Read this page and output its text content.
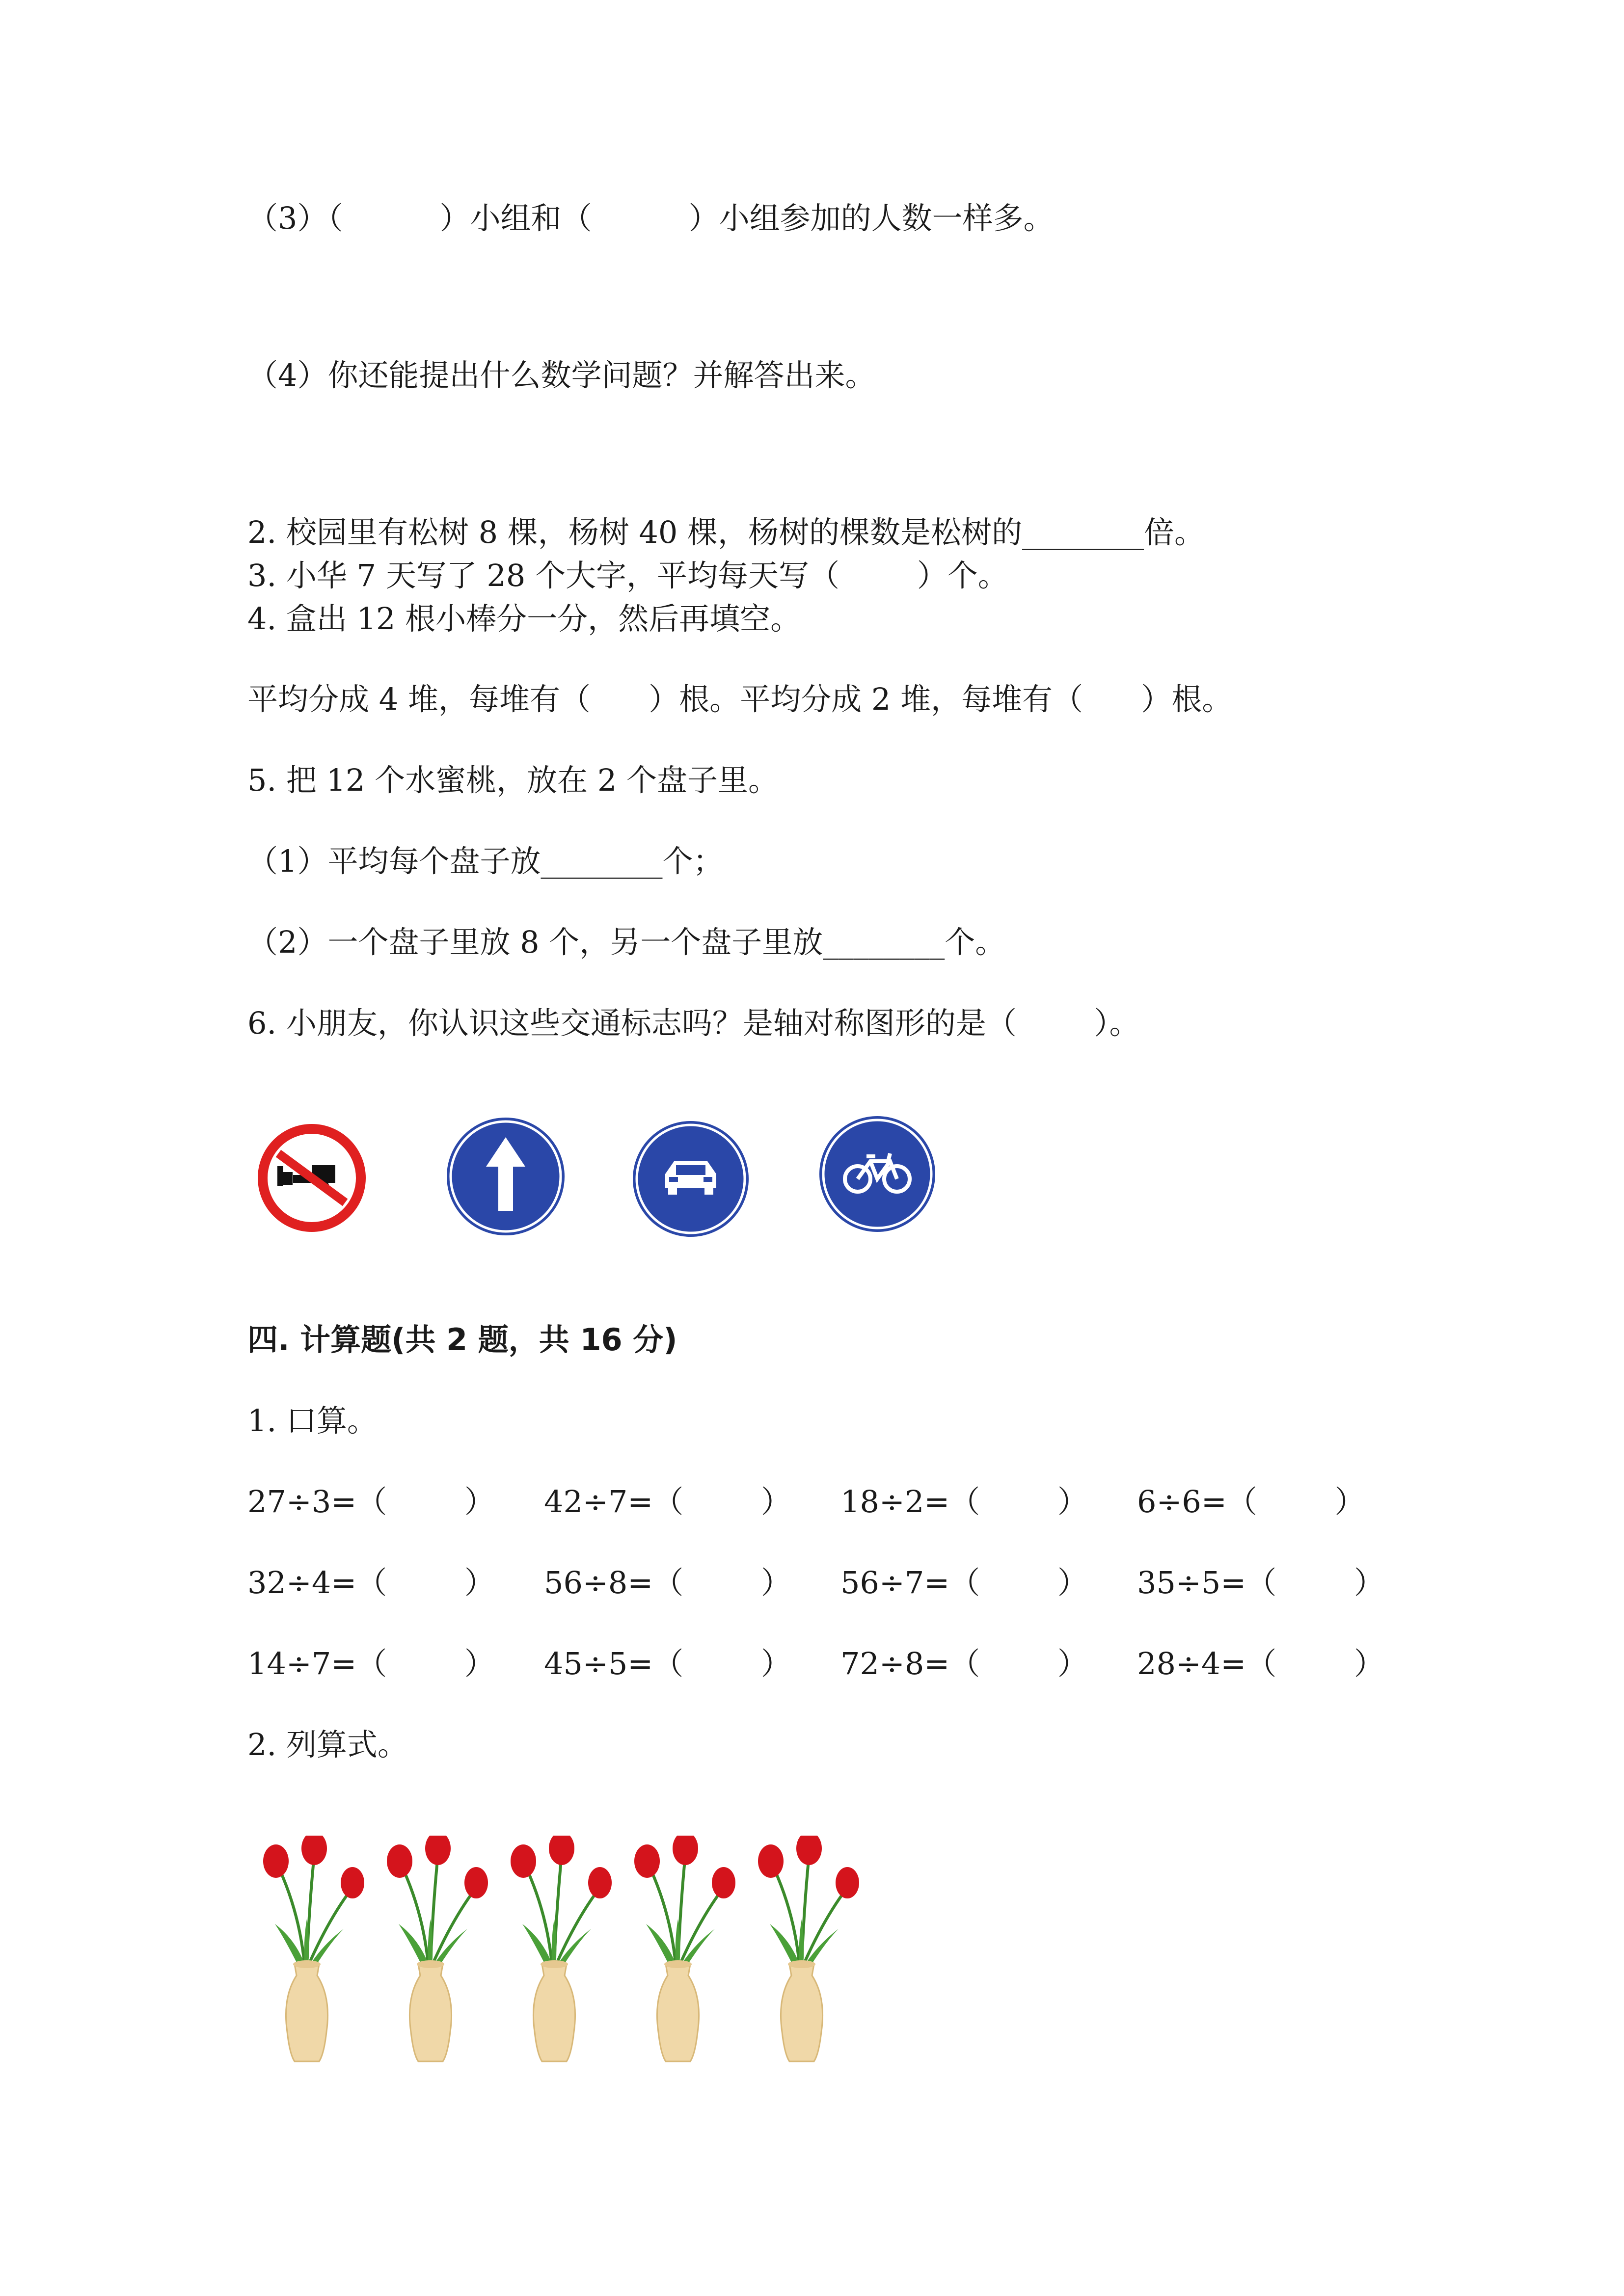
（3）（          ）小组和（          ）小组参加的人数一样多。
（4）你还能提出什么数学问题？并解答出来。
2. 校园里有松树 8 棵，杨树 40 棵，杨树的棵数是松树的________倍。
3. 小华 7 天写了 28 个大字，平均每天写（        ）个。
4. 盒出 12 根小棒分一分，然后再填空。
平均分成 4 堆，每堆有（      ）根。平均分成 2 堆，每堆有（      ）根。
5. 把 12 个水蜜桃，放在 2 个盘子里。
（1）平均每个盘子放________个；
（2）一个盘子里放 8 个，另一个盘子里放________个。
6. 小朋友，你认识这些交通标志吗？是轴对称图形的是（        ）。
四. 计算题(共 2 题，共 16 分)
1. 口算。
27÷3=（        ） 42÷7=（        ） 18÷2=（        ） 6÷6=（        ）
32÷4=（        ） 56÷8=（        ） 56÷7=（        ） 35÷5=（        ）
14÷7=（        ） 45÷5=（        ） 72÷8=（        ） 28÷4=（        ）
2. 列算式。
